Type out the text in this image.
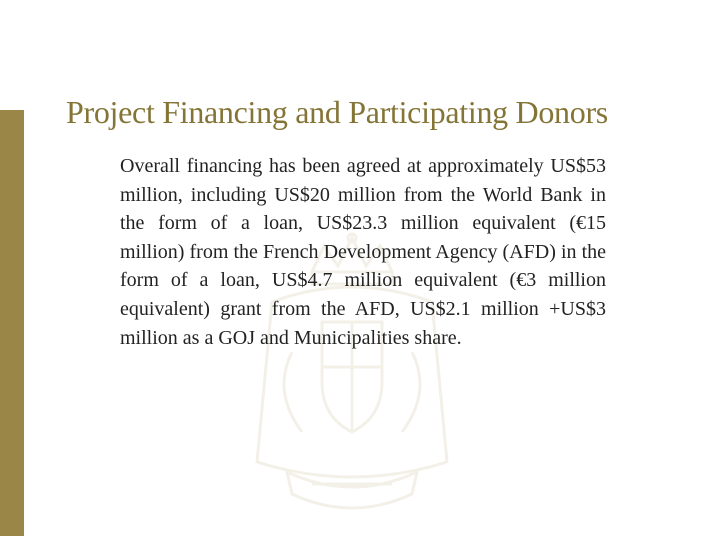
Project Financing and Participating Donors

Overall financing has been agreed at approximately US$53 million, including US$20 million from the World Bank in the form of a loan, US$23.3 million equivalent (€15 million) from the French Development Agency (AFD) in the form of a loan, US$4.7 million equivalent (€3 million equivalent) grant from the AFD, US$2.1 million +US$3 million as a GOJ and Municipalities share.
